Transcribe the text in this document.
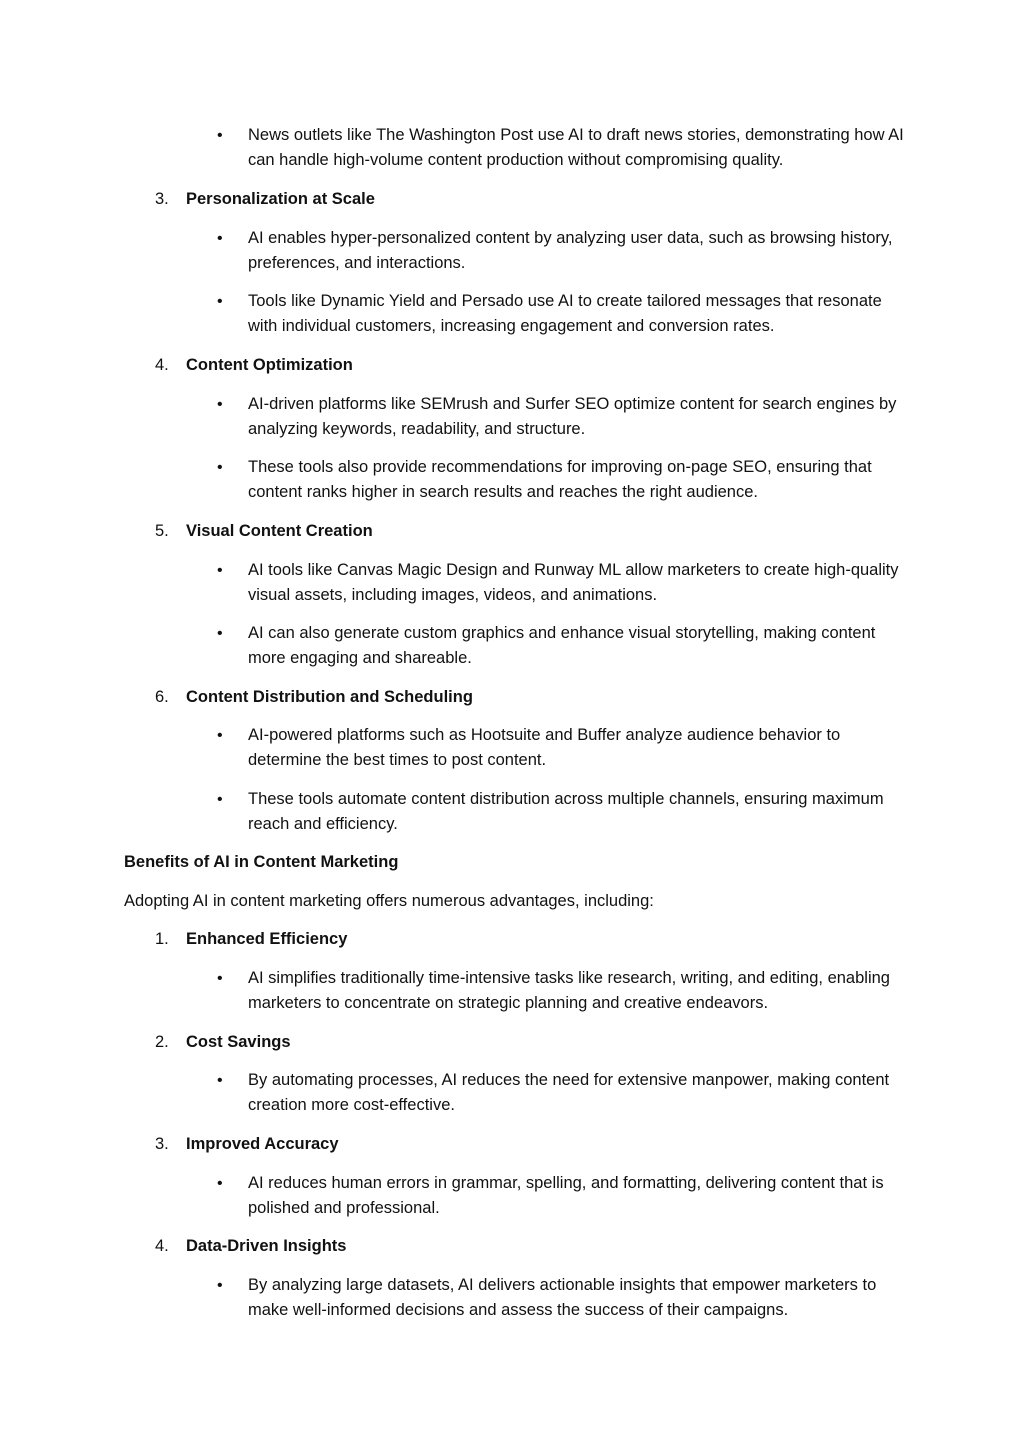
• News outlets like The Washington Post use AI to draft news stories, demonstrating how AI can handle high-volume content production without compromising quality.
3. Personalization at Scale
• AI enables hyper-personalized content by analyzing user data, such as browsing history, preferences, and interactions.
• Tools like Dynamic Yield and Persado use AI to create tailored messages that resonate with individual customers, increasing engagement and conversion rates.
4. Content Optimization
• AI-driven platforms like SEMrush and Surfer SEO optimize content for search engines by analyzing keywords, readability, and structure.
• These tools also provide recommendations for improving on-page SEO, ensuring that content ranks higher in search results and reaches the right audience.
5. Visual Content Creation
• AI tools like Canvas Magic Design and Runway ML allow marketers to create high-quality visual assets, including images, videos, and animations.
• AI can also generate custom graphics and enhance visual storytelling, making content more engaging and shareable.
6. Content Distribution and Scheduling
• AI-powered platforms such as Hootsuite and Buffer analyze audience behavior to determine the best times to post content.
• These tools automate content distribution across multiple channels, ensuring maximum reach and efficiency.
Benefits of AI in Content Marketing
Adopting AI in content marketing offers numerous advantages, including:
1. Enhanced Efficiency
• AI simplifies traditionally time-intensive tasks like research, writing, and editing, enabling marketers to concentrate on strategic planning and creative endeavors.
2. Cost Savings
• By automating processes, AI reduces the need for extensive manpower, making content creation more cost-effective.
3. Improved Accuracy
• AI reduces human errors in grammar, spelling, and formatting, delivering content that is polished and professional.
4. Data-Driven Insights
• By analyzing large datasets, AI delivers actionable insights that empower marketers to make well-informed decisions and assess the success of their campaigns.
